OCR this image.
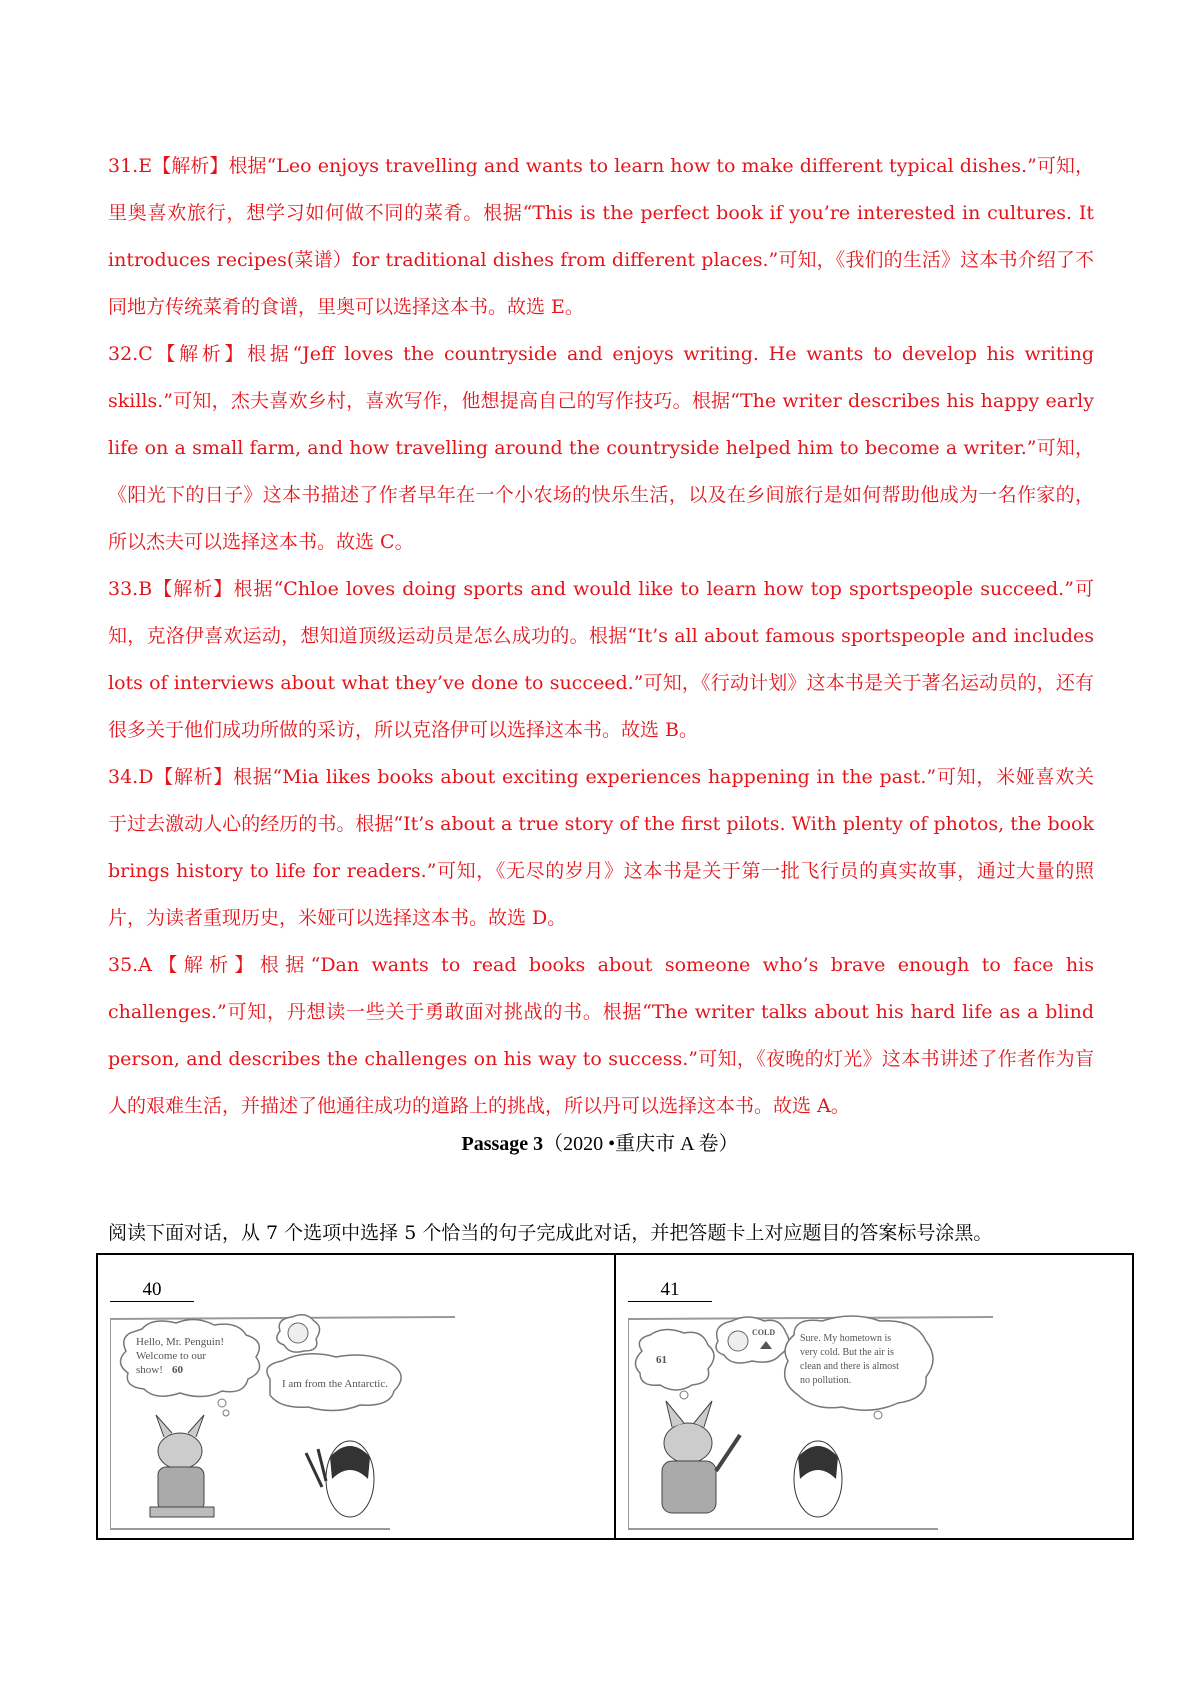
31.E【解析】根据“Leo enjoys travelling and wants to learn how to make different typical dishes.”可知，里奥喜欢旅行，想学习如何做不同的菜肴。根据“This is the perfect book if you’re interested in cultures. It introduces recipes(菜谱）for traditional dishes from different places.”可知，《我们的生活》这本书介绍了不同地方传统菜肴的食谱，里奥可以选择这本书。故选 E。

32.C【解析】根据“Jeff loves the countryside and enjoys writing. He wants to develop his writing skills.”可知，杰夫喜欢乡村，喜欢写作，他想提高自己的写作技巧。根据“The writer describes his happy early life on a small farm, and how travelling around the countryside helped him to become a writer.”可知，《阳光下的日子》这本书描述了作者早年在一个小农场的快乐生活，以及在乡间旅行是如何帮助他成为一名作家的，所以杰夫可以选择这本书。故选 C。

33.B【解析】根据“Chloe loves doing sports and would like to learn how top sportspeople succeed.”可知，克洛伊喜欢运动，想知道顶级运动员是怎么成功的。根据“It’s all about famous sportspeople and includes lots of interviews about what they’ve done to succeed.”可知，《行动计划》这本书是关于著名运动员的，还有很多关于他们成功所做的采访，所以克洛伊可以选择这本书。故选 B。

34.D【解析】根据“Mia likes books about exciting experiences happening in the past.”可知，米娅喜欢关于过去激动人心的经历的书。根据“It’s about a true story of the first pilots. With plenty of photos, the book brings history to life for readers.”可知，《无尽的岁月》这本书是关于第一批飞行员的真实故事，通过大量的照片，为读者重现历史，米娅可以选择这本书。故选 D。

35.A【解析】根据“Dan wants to read books about someone who’s brave enough to face his challenges.”可知，丹想读一些关于勇敢面对挑战的书。根据“The writer talks about his hard life as a blind person, and describes the challenges on his way to success.”可知，《夜晚的灯光》这本书讲述了作者作为盲人的艰难生活，并描述了他通往成功的道路上的挑战，所以丹可以选择这本书。故选 A。

Passage 3（2020 •重庆市 A 卷）
阅读下面对话，从 7 个选项中选择 5 个恰当的句子完成此对话，并把答题卡上对应题目的答案标号涂黑。
40
Hello, Mr. Penguin!
Welcome to our
show! 60
I am from the Antarctic.
41
61
COLD
Sure. My hometown is
very cold. But the air is
clean and there is almost
no pollution.
